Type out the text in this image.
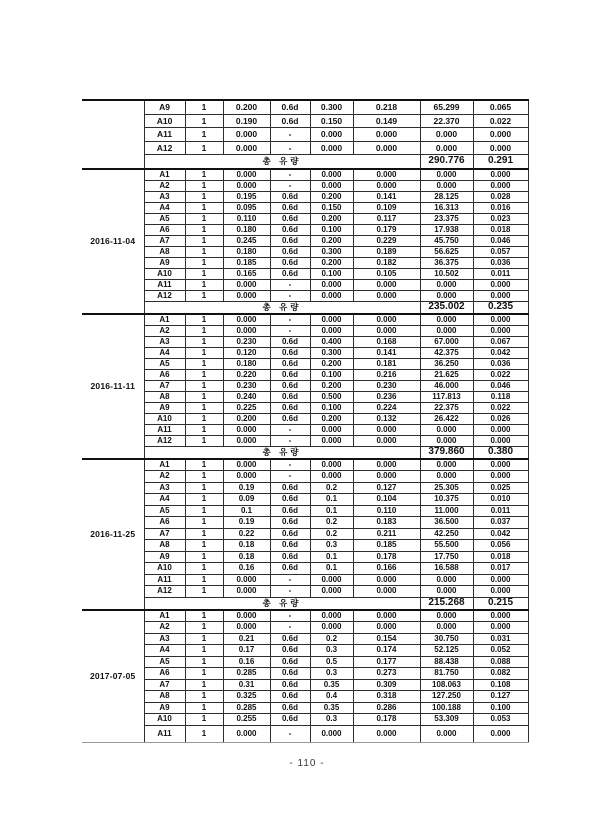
	A9	1	0.200	0.6d	0.300	0.218	65.299	0.065
	A10	1	0.190	0.6d	0.150	0.149	22.370	0.022
	A11	1	0.000	-	0.000	0.000	0.000	0.000
	A12	1	0.000	-	0.000	0.000	0.000	0.000
	총 유량						290.776	0.291
2016-11-04	A1	1	0.000	-	0.000	0.000	0.000	0.000
	A2	1	0.000	-	0.000	0.000	0.000	0.000
	A3	1	0.195	0.6d	0.200	0.141	28.125	0.028
	A4	1	0.095	0.6d	0.150	0.109	16.313	0.016
	A5	1	0.110	0.6d	0.200	0.117	23.375	0.023
	A6	1	0.180	0.6d	0.100	0.179	17.938	0.018
	A7	1	0.245	0.6d	0.200	0.229	45.750	0.046
	A8	1	0.180	0.6d	0.300	0.189	56.625	0.057
	A9	1	0.185	0.6d	0.200	0.182	36.375	0.036
	A10	1	0.165	0.6d	0.100	0.105	10.502	0.011
	A11	1	0.000	-	0.000	0.000	0.000	0.000
	A12	1	0.000	-	0.000	0.000	0.000	0.000
	총 유량						235.002	0.235
2016-11-11	A1	1	0.000	-	0.000	0.000	0.000	0.000
	A2	1	0.000	-	0.000	0.000	0.000	0.000
	A3	1	0.230	0.6d	0.400	0.168	67.000	0.067
	A4	1	0.120	0.6d	0.300	0.141	42.375	0.042
	A5	1	0.180	0.6d	0.200	0.181	36.250	0.036
	A6	1	0.220	0.6d	0.100	0.216	21.625	0.022
	A7	1	0.230	0.6d	0.200	0.230	46.000	0.046
	A8	1	0.240	0.6d	0.500	0.236	117.813	0.118
	A9	1	0.225	0.6d	0.100	0.224	22.375	0.022
	A10	1	0.200	0.6d	0.200	0.132	26.422	0.026
	A11	1	0.000	-	0.000	0.000	0.000	0.000
	A12	1	0.000	-	0.000	0.000	0.000	0.000
	총 유량						379.860	0.380
2016-11-25	A1	1	0.000	-	0.000	0.000	0.000	0.000
	A2	1	0.000	-	0.000	0.000	0.000	0.000
	A3	1	0.19	0.6d	0.2	0.127	25.305	0.025
	A4	1	0.09	0.6d	0.1	0.104	10.375	0.010
	A5	1	0.1	0.6d	0.1	0.110	11.000	0.011
	A6	1	0.19	0.6d	0.2	0.183	36.500	0.037
	A7	1	0.22	0.6d	0.2	0.211	42.250	0.042
	A8	1	0.18	0.6d	0.3	0.185	55.500	0.056
	A9	1	0.18	0.6d	0.1	0.178	17.750	0.018
	A10	1	0.16	0.6d	0.1	0.166	16.588	0.017
	A11	1	0.000	-	0.000	0.000	0.000	0.000
	A12	1	0.000	-	0.000	0.000	0.000	0.000
	총 유량						215.268	0.215
2017-07-05	A1	1	0.000	-	0.000	0.000	0.000	0.000
	A2	1	0.000	-	0.000	0.000	0.000	0.000
	A3	1	0.21	0.6d	0.2	0.154	30.750	0.031
	A4	1	0.17	0.6d	0.3	0.174	52.125	0.052
	A5	1	0.16	0.6d	0.5	0.177	88.438	0.088
	A6	1	0.285	0.6d	0.3	0.273	81.750	0.082
	A7	1	0.31	0.6d	0.35	0.309	108.063	0.108
	A8	1	0.325	0.6d	0.4	0.318	127.250	0.127
	A9	1	0.285	0.6d	0.35	0.286	100.188	0.100
	A10	1	0.255	0.6d	0.3	0.178	53.309	0.053
	A11	1	0.000	-	0.000	0.000	0.000	0.000
- 110 -
